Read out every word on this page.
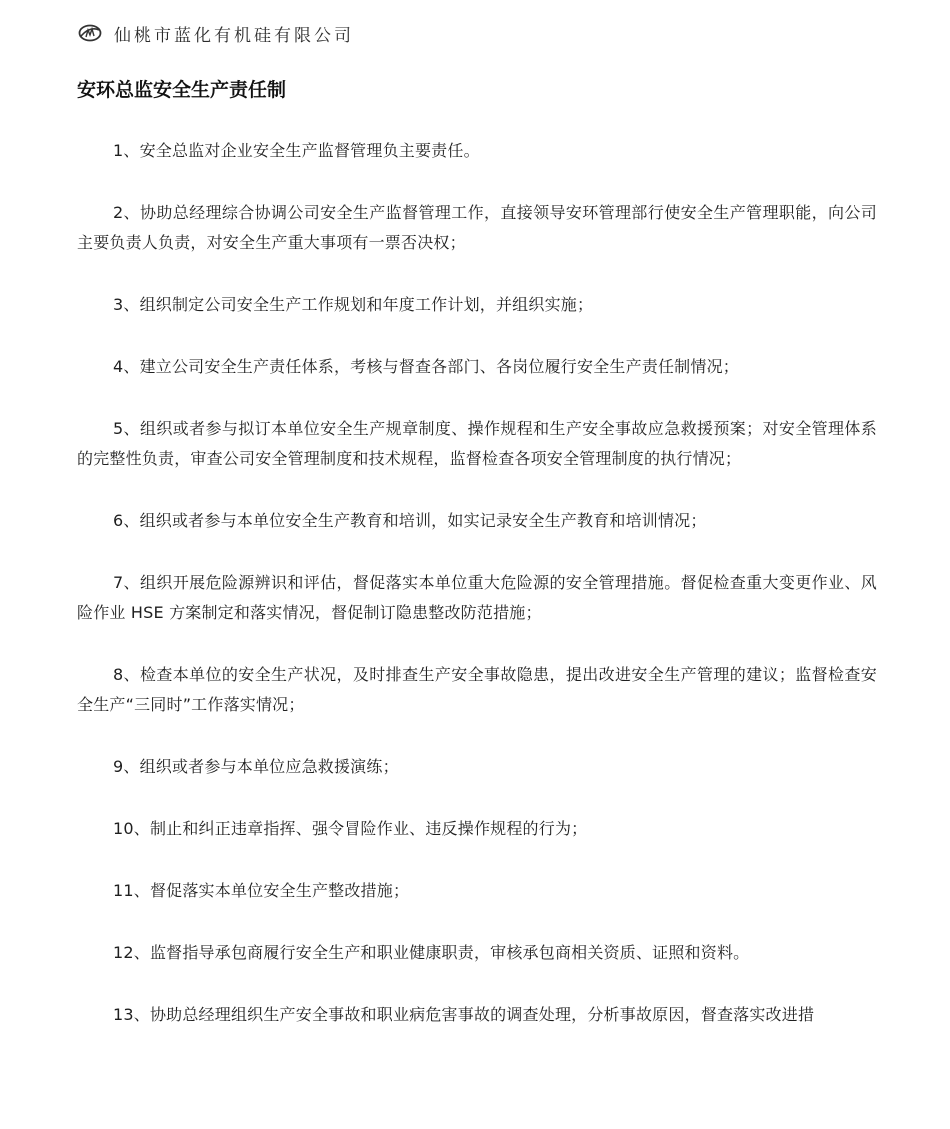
仙桃市蓝化有机硅有限公司
安环总监安全生产责任制

1、安全总监对企业安全生产监督管理负主要责任。

2、协助总经理综合协调公司安全生产监督管理工作，直接领导安环管理部行使安全生产管理职能，向公司主要负责人负责，对安全生产重大事项有一票否决权；

3、组织制定公司安全生产工作规划和年度工作计划，并组织实施；

4、建立公司安全生产责任体系，考核与督查各部门、各岗位履行安全生产责任制情况；

5、组织或者参与拟订本单位安全生产规章制度、操作规程和生产安全事故应急救援预案；对安全管理体系的完整性负责，审查公司安全管理制度和技术规程，监督检查各项安全管理制度的执行情况；

6、组织或者参与本单位安全生产教育和培训，如实记录安全生产教育和培训情况；

7、组织开展危险源辨识和评估，督促落实本单位重大危险源的安全管理措施。督促检查重大变更作业、风险作业 HSE 方案制定和落实情况，督促制订隐患整改防范措施；

8、检查本单位的安全生产状况，及时排查生产安全事故隐患，提出改进安全生产管理的建议；监督检查安全生产“三同时”工作落实情况；

9、组织或者参与本单位应急救援演练；

10、制止和纠正违章指挥、强令冒险作业、违反操作规程的行为；

11、督促落实本单位安全生产整改措施；

12、监督指导承包商履行安全生产和职业健康职责，审核承包商相关资质、证照和资料。

13、协助总经理组织生产安全事故和职业病危害事故的调查处理，分析事故原因，督查落实改进措
